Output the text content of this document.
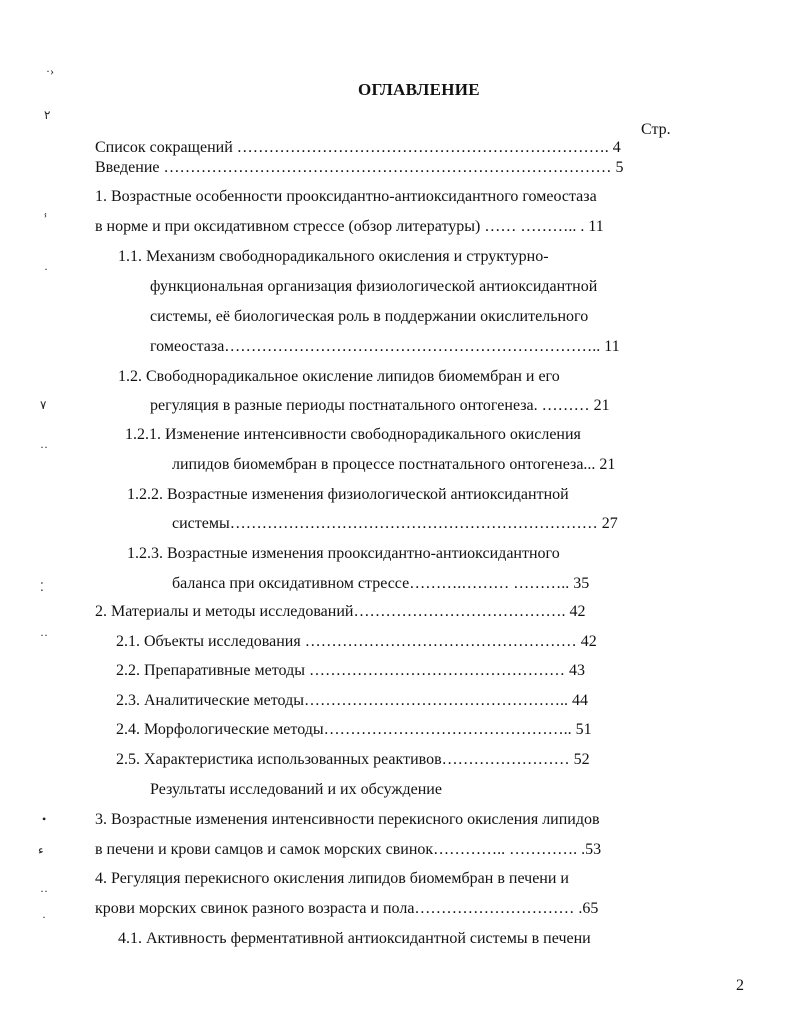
ОГЛАВЛЕНИЕ
Стр.
Список сокращений ……………………………………………………………. 4
Введение ………………………………………………………………………… 5
1. Возрастные особенности прооксидантно-антиоксидантного гомеостаза
в норме и при оксидативном стрессе (обзор литературы) …… ……….. . 11
1.1. Механизм свободнорадикального окисления и структурно-
функциональная организация физиологической антиоксидантной
системы, её биологическая роль в поддержании окислительного
гомеостаза…………………………………………………………….. 11
1.2. Свободнорадикальное окисление липидов биомембран и его
регуляция в разные периоды постнатального онтогенеза. ……… 21
1.2.1. Изменение интенсивности свободнорадикального окисления
липидов биомембран в процессе постнатального онтогенеза... 21
1.2.2. Возрастные изменения физиологической антиоксидантной
системы…………………………………………………………… 27
1.2.3. Возрастные изменения прооксидантно-антиоксидантного
баланса при оксидативном стрессе……….……… ……….. 35
2. Материалы и методы исследований…………………………………. 42
2.1. Объекты исследования …………………………………………… 42
2.2. Препаративные методы ………………………………………… 43
2.3. Аналитические методы………………………………………….. 44
2.4. Морфологические методы……………………………………….. 51
2.5. Характеристика использованных реактивов…………………… 52
Результаты исследований и их обсуждение
3. Возрастные изменения интенсивности перекисного окисления липидов
в печени и крови самцов и самок морских свинок………….. …………. .53
4. Регуляция перекисного окисления липидов биомембран в печени и
крови морских свинок разного возраста и пола………………………… .65
4.1. Активность ферментативной антиоксидантной системы в печени
2
·›
٢
ⸯ
·
٧
··
⁚
··
•
ﺀ
··
·
